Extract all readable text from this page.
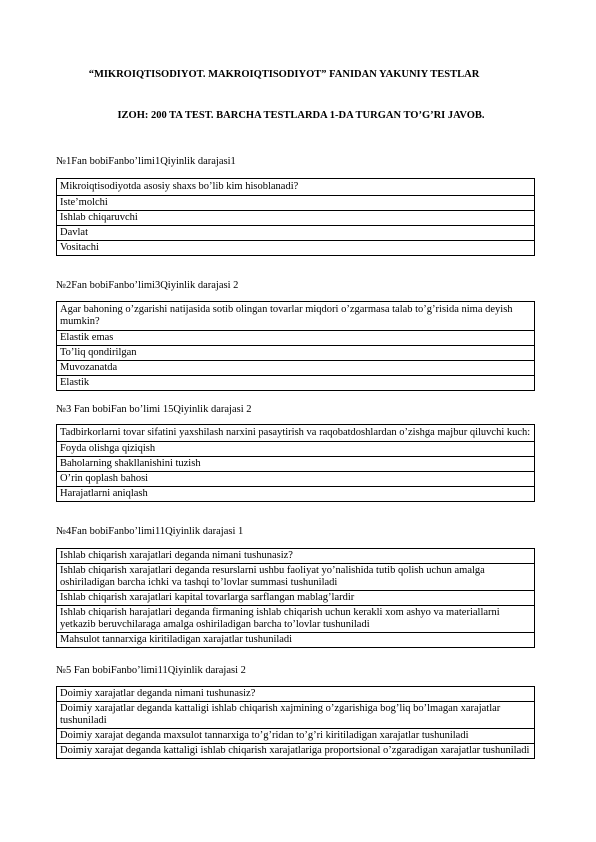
“MIKROIQTISODIYOT. MAKROIQTISODIYOT” FANIDAN YAKUNIY TESTLAR
IZOH: 200 TA TEST. BARCHA TESTLARDA 1-DA TURGAN TO’G’RI JAVOB.
№1Fan bobiFanbo’limi1Qiyinlik darajasi1
Mikroiqtisodiyotda asosiy shaxs bo’lib kim hisoblanadi?
Iste’molchi
Ishlab chiqaruvchi
Davlat
Vositachi
№2Fan bobiFanbo’limi3Qiyinlik darajasi 2
Agar bahoning o’zgarishi natijasida sotib olingan tovarlar miqdori o’zgarmasa talab to’g’risida nima deyish mumkin?
Elastik emas
To’liq qondirilgan
Muvozanatda
Elastik
№3 Fan bobiFan bo’limi 15Qiyinlik darajasi 2
Tadbirkorlarni tovar sifatini yaxshilash narxini pasaytirish va raqobatdoshlardan o’zishga majbur qiluvchi kuch:
Foyda olishga qiziqish
Baholarning shakllanishini tuzish
O’rin qoplash bahosi
Harajatlarni aniqlash
№4Fan bobiFanbo’limi11Qiyinlik darajasi 1
Ishlab chiqarish xarajatlari deganda nimani tushunasiz?
Ishlab chiqarish xarajatlari deganda resurslarni ushbu faoliyat yo’nalishida tutib qolish uchun amalga oshiriladigan barcha ichki va tashqi to’lovlar summasi tushuniladi
Ishlab chiqarish xarajatlari kapital tovarlarga sarflangan mablag’lardir
Ishlab chiqarish harajatlari deganda firmaning ishlab chiqarish uchun kerakli xom ashyo va materiallarni yetkazib beruvchilaraga amalga oshiriladigan barcha to’lovlar tushuniladi
Mahsulot tannarxiga kiritiladigan xarajatlar tushuniladi
№5 Fan bobiFanbo’limi11Qiyinlik darajasi 2
Doimiy xarajatlar deganda nimani tushunasiz?
Doimiy xarajatlar deganda kattaligi ishlab chiqarish xajmining o’zgarishiga bog’liq bo’lmagan xarajatlar tushuniladi
Doimiy xarajat deganda maxsulot tannarxiga to’g’ridan to’g’ri kiritiladigan xarajatlar tushuniladi
Doimiy xarajat deganda kattaligi ishlab chiqarish xarajatlariga proportsional o’zgaradigan xarajatlar tushuniladi
